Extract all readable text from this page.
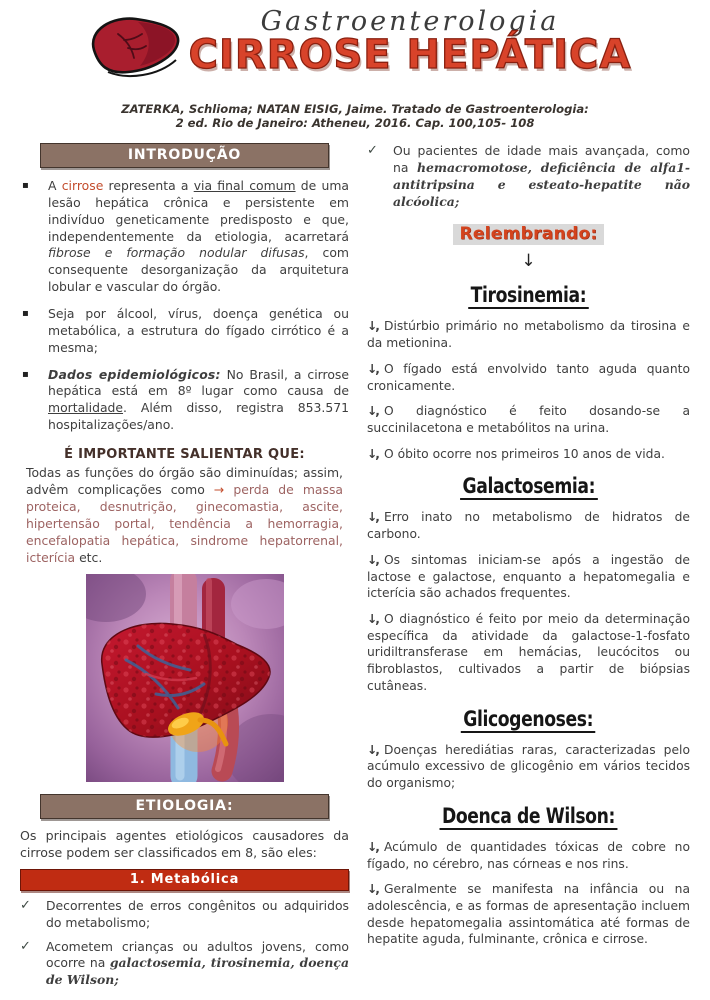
Gastroenterologia
CIRROSE HEPÁTICA
ZATERKA, Schlioma; NATAN EISIG, Jaime. Tratado de Gastroenterologia:
2 ed. Rio de Janeiro: Atheneu, 2016. Cap. 100,105- 108
INTRODUÇÃO
▪	A cirrose representa a via final comum de uma lesão hepática crônica e persistente em indivíduo geneticamente predisposto e que, independentemente da etiologia, acarretará fibrose e formação nodular difusas, com consequente desorganização da arquitetura lobular e vascular do órgão.

▪	Seja por álcool, vírus, doença genética ou metabólica, a estrutura do fígado cirrótico é a mesma;

▪	Dados epidemiológicos: No Brasil, a cirrose hepática está em 8º lugar como causa de mortalidade. Além disso, registra 853.571 hospitalizações/ano.

É IMPORTANTE SALIENTAR QUE:

Todas as funções do órgão são diminuídas; assim, advêm complicações como → perda de massa proteica, desnutrição, ginecomastia, ascite, hipertensão portal, tendência a hemorragia, encefalopatia hepática, sindrome hepatorrenal, icterícia etc.

ETIOLOGIA:

Os principais agentes etiológicos causadores da cirrose podem ser classificados em 8, são eles:

1. Metabólica
✓	Decorrentes de erros congênitos ou adquiridos do metabolismo;

✓	Acometem crianças ou adultos jovens, como ocorre na galactosemia, tirosinemia, doença de Wilson;

✓	Ou pacientes de idade mais avançada, como na hemacromotose, deficiência de alfa1-antitripsina e esteato-hepatite não alcóolica;

Relembrando:
↓
Tirosinemia:

↓, Distúrbio primário no metabolismo da tirosina e da metionina.

↓, O fígado está envolvido tanto aguda quanto cronicamente.

↓, O diagnóstico é feito dosando-se a succinilacetona e metabólitos na urina.

↓, O óbito ocorre nos primeiros 10 anos de vida.

Galactosemia:

↓, Erro inato no metabolismo de hidratos de carbono.

↓, Os sintomas iniciam-se após a ingestão de lactose e galactose, enquanto a hepatomegalia e icterícia são achados frequentes.

↓, O diagnóstico é feito por meio da determinação específica da atividade da galactose-1-fosfato uridiltransferase em hemácias, leucócitos ou fibroblastos, cultivados a partir de biópsias cutâneas.

Glicogenoses:

↓, Doenças herediátias raras, caracterizadas pelo acúmulo excessivo de glicogênio em vários tecidos do organismo;

Doenca de Wilson:

↓, Acúmulo de quantidades tóxicas de cobre no fígado, no cérebro, nas córneas e nos rins.

↓, Geralmente se manifesta na infância ou na adolescência, e as formas de apresentação incluem desde hepatomegalia assintomática até formas de hepatite aguda, fulminante, crônica e cirrose.
